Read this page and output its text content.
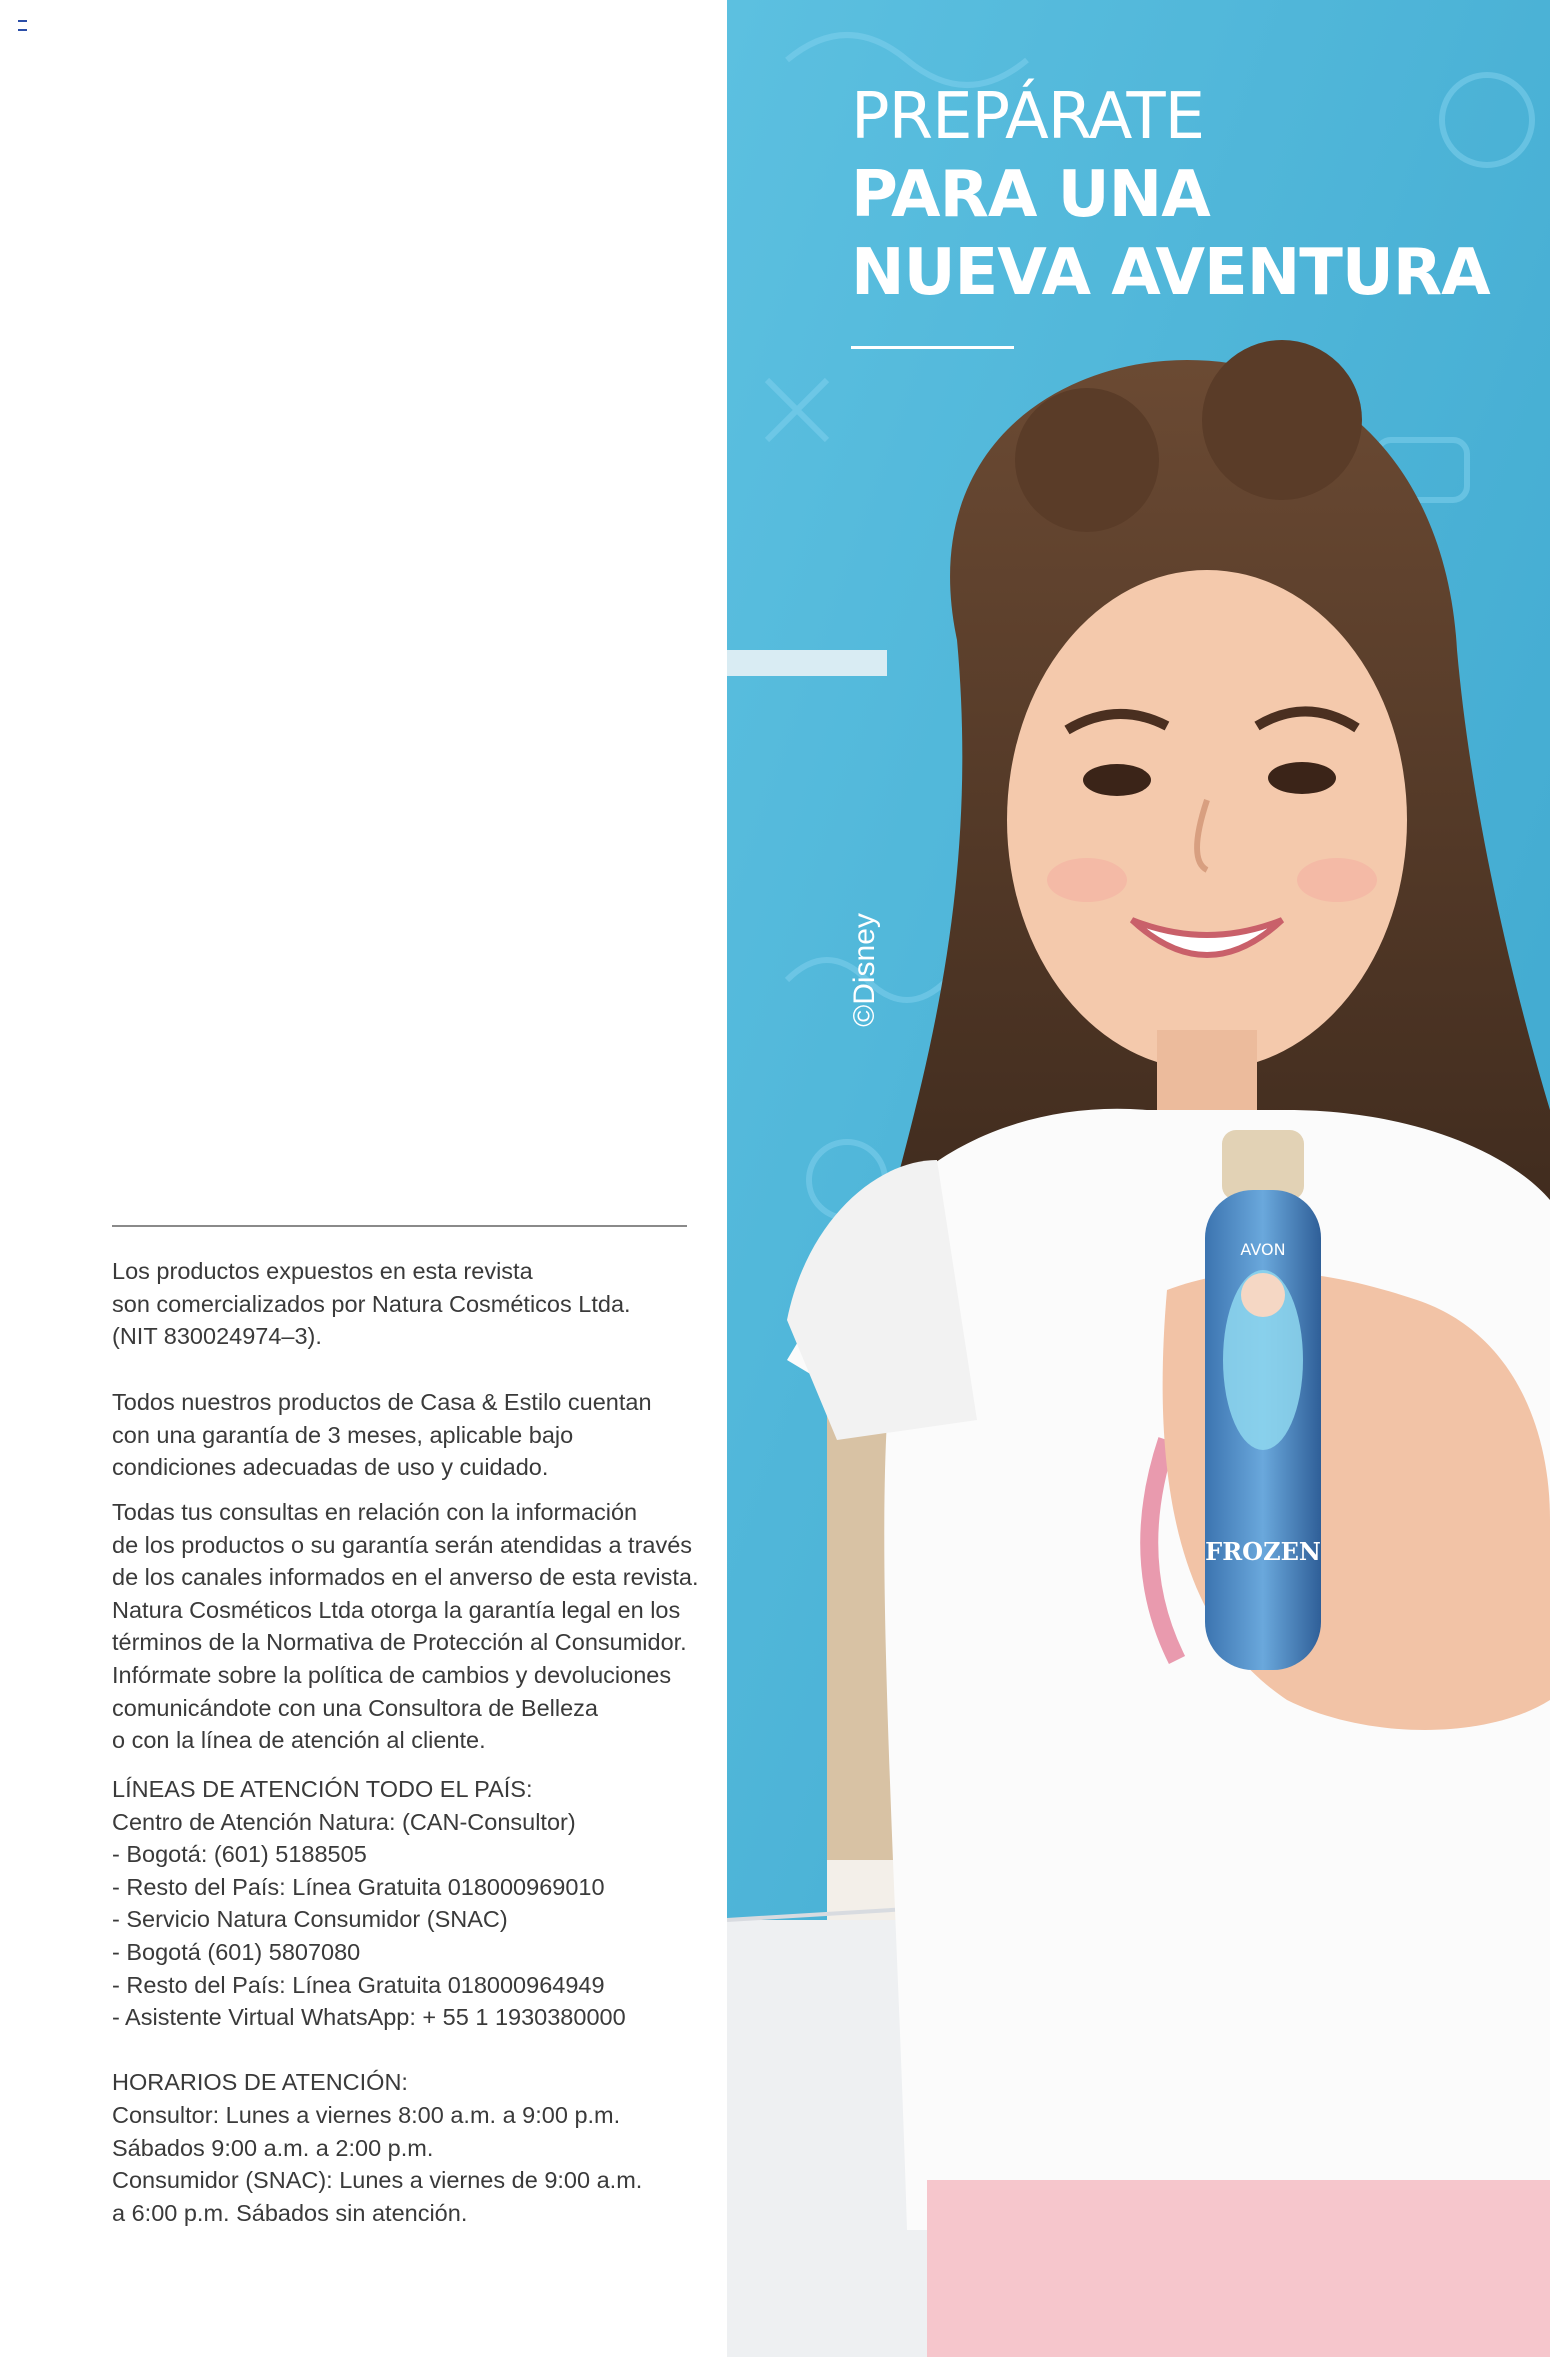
Los productos expuestos en esta revista
son comercializados por Natura Cosméticos Ltda.
(NIT 830024974–3).
Todos nuestros productos de Casa & Estilo cuentan
con una garantía de 3 meses, aplicable bajo
condiciones adecuadas de uso y cuidado.
Todas tus consultas en relación con la información
de los productos o su garantía serán atendidas a través
de los canales informados en el anverso de esta revista.
Natura Cosméticos Ltda otorga la garantía legal en los
términos de la Normativa de Protección al Consumidor.
Infórmate sobre la política de cambios y devoluciones
comunicándote con una Consultora de Belleza
o con la línea de atención al cliente.
LÍNEAS DE ATENCIÓN TODO EL PAÍS:
Centro de Atención Natura: (CAN-Consultor)
- Bogotá: (601) 5188505
- Resto del País: Línea Gratuita 018000969010
- Servicio Natura Consumidor (SNAC)
- Bogotá (601) 5807080
- Resto del País: Línea Gratuita 018000964949
- Asistente Virtual WhatsApp: + 55 1 1930380000
HORARIOS DE ATENCIÓN:
Consultor: Lunes a viernes 8:00 a.m. a 9:00 p.m.
Sábados 9:00 a.m. a 2:00 p.m.
Consumidor (SNAC): Lunes a viernes de 9:00 a.m.
a 6:00 p.m. Sábados sin atención.
AVON
FROZEN
PREPÁRATE
PARA UNA
NUEVA AVENTURA
©Disney
